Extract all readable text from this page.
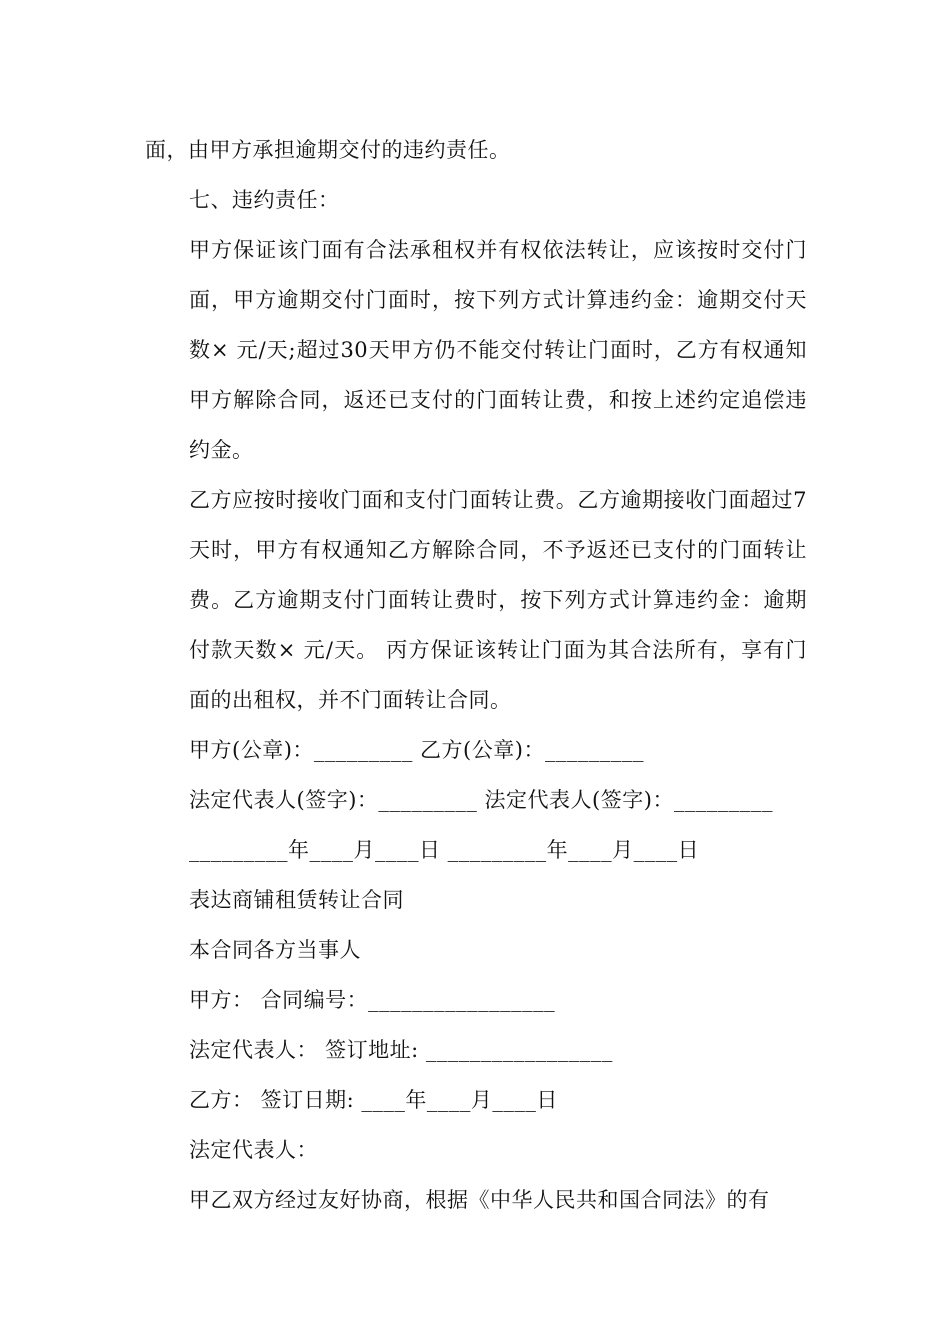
面，由甲方承担逾期交付的违约责任。

七、违约责任：

甲方保证该门面有合法承租权并有权依法转让，应该按时交付门面，甲方逾期交付门面时，按下列方式计算违约金：逾期交付天数× 元/天;超过30天甲方仍不能交付转让门面时，乙方有权通知甲方解除合同，返还已支付的门面转让费，和按上述约定追偿违约金。

乙方应按时接收门面和支付门面转让费。乙方逾期接收门面超过7天时，甲方有权通知乙方解除合同，不予返还已支付的门面转让费。乙方逾期支付门面转让费时，按下列方式计算违约金：逾期付款天数× 元/天。 丙方保证该转让门面为其合法所有，享有门面的出租权，并不门面转让合同。

甲方(公章)：_________ 乙方(公章)：_________

法定代表人(签字)：_________ 法定代表人(签字)：_________

_________年____月____日 _________年____月____日

表达商铺租赁转让合同

本合同各方当事人

甲方： 合同编号：_________________

法定代表人： 签订地址: _________________

乙方： 签订日期: ____年____月____日

法定代表人：

甲乙双方经过友好协商，根据《中华人民共和国合同法》的有
